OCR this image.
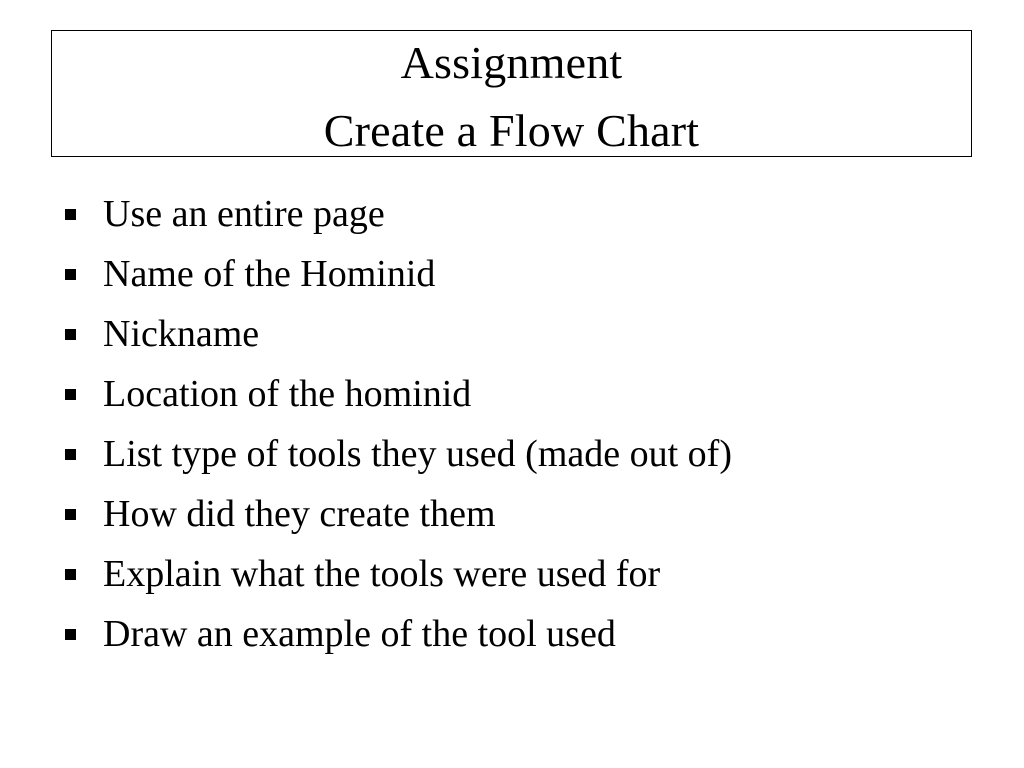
Assignment
Create a Flow Chart
Use an entire page
Name of the Hominid
Nickname
Location of the hominid
List type of tools they used (made out of)
How did they create them
Explain what the tools were used for
Draw an example of the tool used
